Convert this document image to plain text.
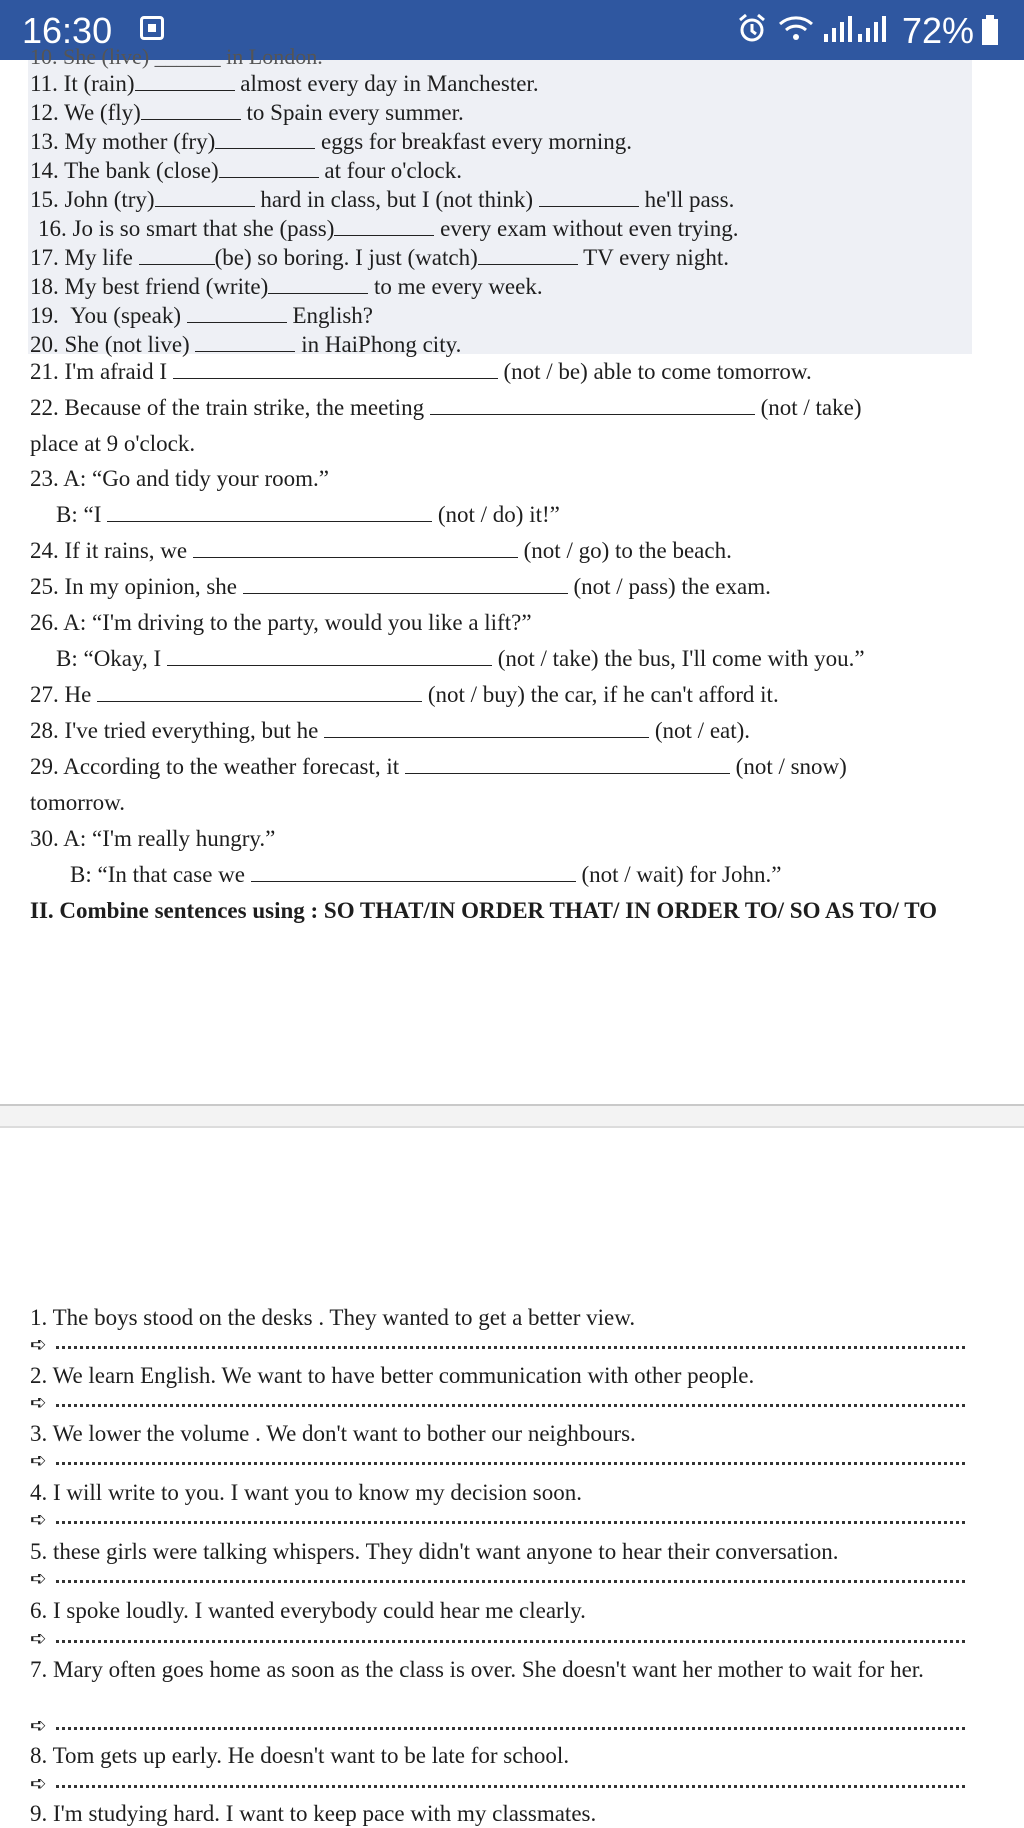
16:30	72%
10. She (live) ______ in London.
11. It (rain)	almost every day in Manchester.
12. We (fly)	to Spain every summer.
13. My mother (fry)	eggs for breakfast every morning.
14. The bank (close)	at four o'clock.
15. John (try)	hard in class, but I (not think)	he'll pass.
16. Jo is so smart that she (pass)	every exam without even trying.
17. My life	(be) so boring. I just (watch)	TV every night.
18. My best friend (write)	to me every week.
19. You (speak)	English?
20. She (not live)	in HaiPhong city.
21. I'm afraid I	(not / be) able to come tomorrow.
22. Because of the train strike, the meeting	(not / take)
place at 9 o'clock.
23. A: “Go and tidy your room.”
B: “I	(not / do) it!”
24. If it rains, we	(not / go) to the beach.
25. In my opinion, she	(not / pass) the exam.
26. A: “I'm driving to the party, would you like a lift?”
B: “Okay, I	(not / take) the bus, I'll come with you.”
27. He	(not / buy) the car, if he can't afford it.
28. I've tried everything, but he	(not / eat).
29. According to the weather forecast, it	(not / snow)
tomorrow.
30. A: “I'm really hungry.”
B: “In that case we	(not / wait) for John.”
II. Combine sentences using : SO THAT/IN ORDER THAT/ IN ORDER TO/ SO AS TO/ TO
1. The boys stood on the desks . They wanted to get a better view.
➪
2. We learn English. We want to have better communication with other people.
➪
3. We lower the volume . We don't want to bother our neighbours.
➪
4. I will write to you. I want you to know my decision soon.
➪
5. these girls were talking whispers. They didn't want anyone to hear their conversation.
➪
6. I spoke loudly. I wanted everybody could hear me clearly.
➪
7. Mary often goes home as soon as the class is over. She doesn't want her mother to wait for her.
➪
8. Tom gets up early. He doesn't want to be late for school.
➪
9. I'm studying hard. I want to keep pace with my classmates.
